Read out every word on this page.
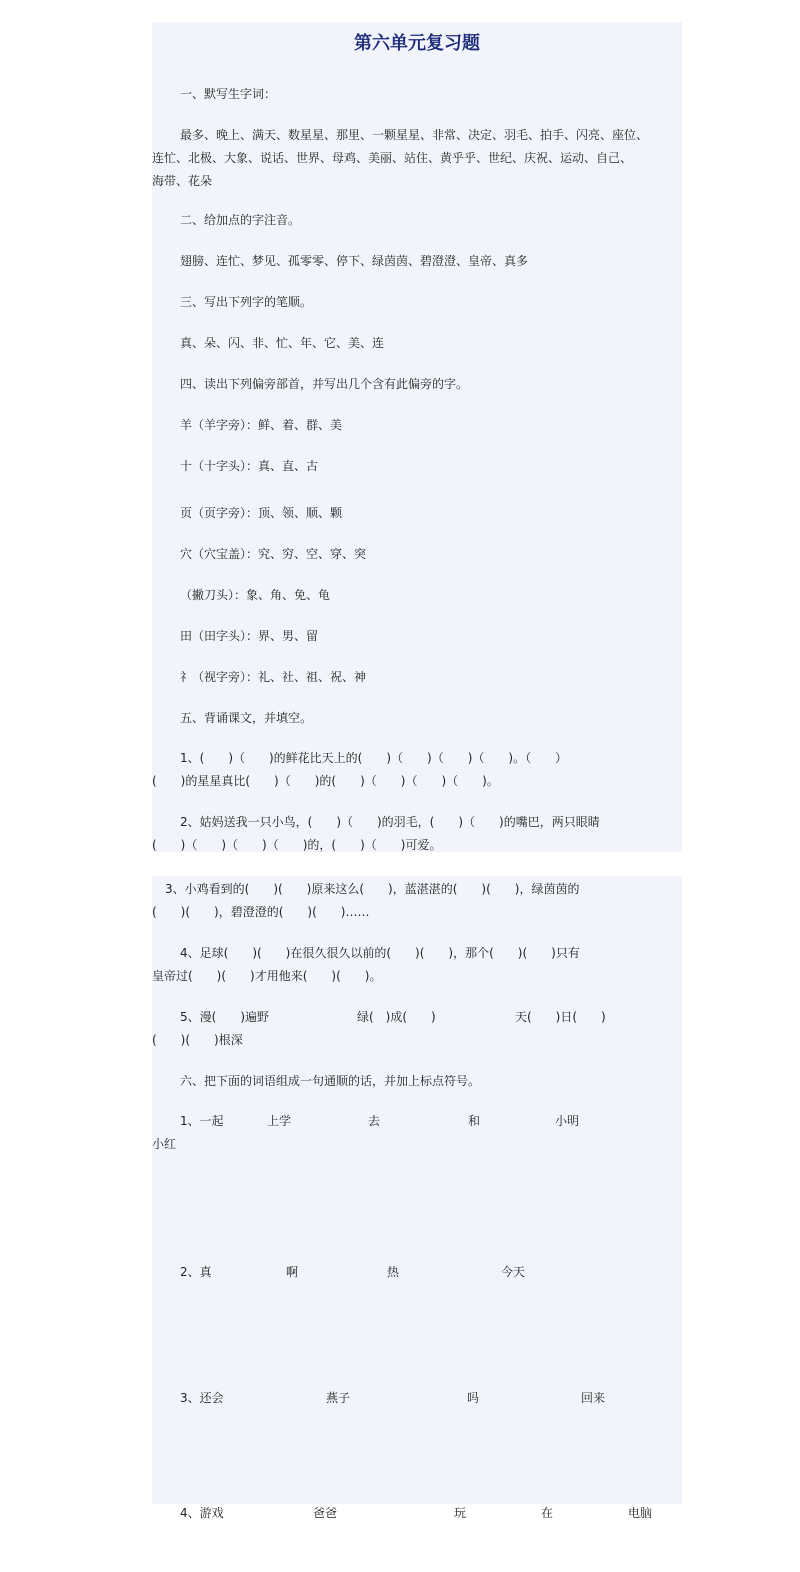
第六单元复习题
一、默写生字词：
最多、晚上、满天、数星星、那里、一颗星星、非常、决定、羽毛、拍手、闪亮、座位、
连忙、北极、大象、说话、世界、母鸡、美丽、站住、黄乎乎、世纪、庆祝、运动、自己、
海带、花朵
二、给加点的字注音。
翅膀、连忙、梦见、孤零零、停下、绿茵茵、碧澄澄、皇帝、真多
三、写出下列字的笔顺。
真、朵、闪、非、忙、年、它、美、连
四、读出下列偏旁部首，并写出几个含有此偏旁的字。
羊（羊字旁）：鲜、着、群、美
十（十字头）：真、直、古
页（页字旁）：顶、领、顺、颗
穴（穴宝盖）：究、穷、空、穿、突
（撇刀头）：象、角、免、龟
田（田字头）：界、男、留
礻（视字旁）：礼、社、祖、祝、神
五、背诵课文，并填空。
1、(　　)（　　)的鲜花比天上的(　　)（　　)（　　)（　　)。（　　）
(　　)的星星真比(　　)（　　)的(　　)（　　)（　　)（　　)。
2、姑妈送我一只小鸟，(　　)（　　)的羽毛，(　　)（　　)的嘴巴，两只眼睛
(　　)（　　)（　　)（　　)的，(　　)（　　)可爱。
3、小鸡看到的(　　)(　　)原来这么(　　)，蓝湛湛的(　　)(　　)，绿茵茵的
(　　)(　　)，碧澄澄的(　　)(　　)……
4、足球(　　)(　　)在很久很久以前的(　　)(　　)，那个(　　)(　　)只有
皇帝过(　　)(　　)才用他来(　　)(　　)。
5、漫(　　)遍野	绿(　)成(　　)	天(　　)日(　　)
(　　)(　　)根深
六、把下面的词语组成一句通顺的话，并加上标点符号。
1、一起	上学	去	和	小明
小红
2、真	啊	热	今天
3、还会	燕子	吗	回来
4、游戏	爸爸	玩	在	电脑
